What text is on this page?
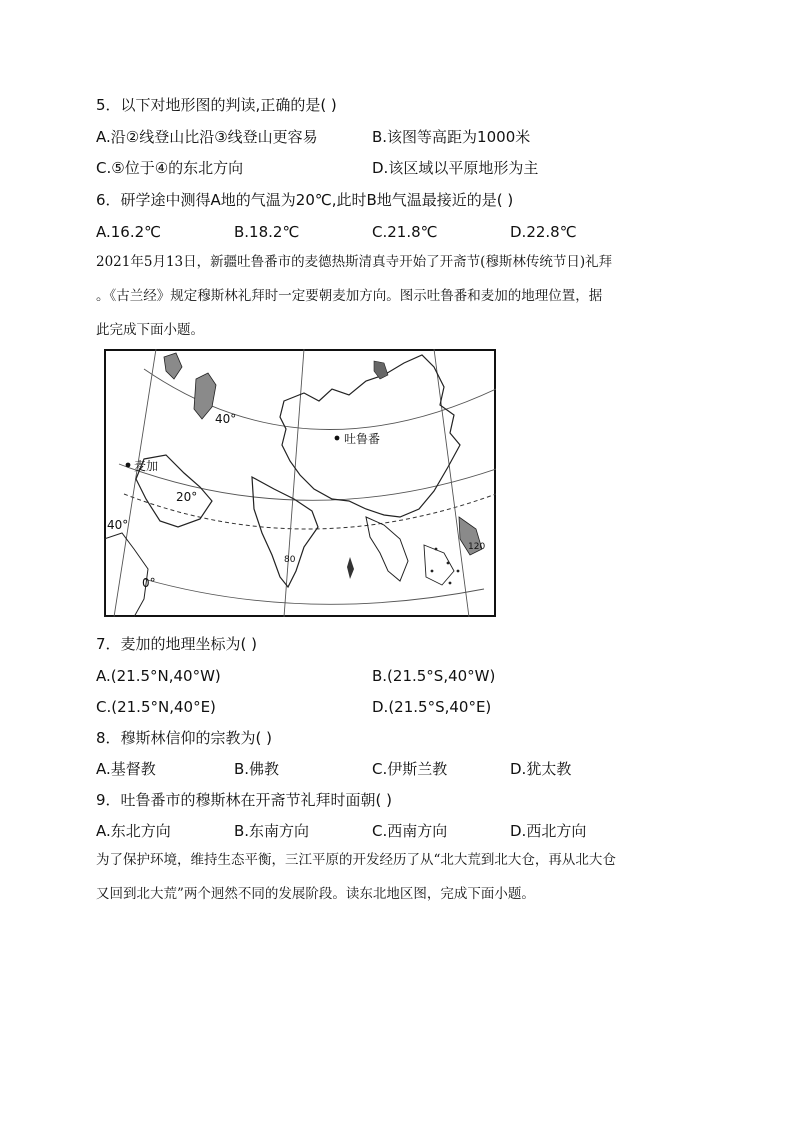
5．以下对地形图的判读,正确的是( )
A.沿②线登山比沿③线登山更容易	B.该图等高距为1000米
C.⑤位于④的东北方向	D.该区域以平原地形为主
6．研学途中测得A地的气温为20℃,此时B地气温最接近的是( )
A.16.2℃	B.18.2℃	C.21.8℃	D.22.8℃
2021年5月13日，新疆吐鲁番市的麦德热斯清真寺开始了开斋节(穆斯林传统节日)礼拜
。《古兰经》规定穆斯林礼拜时一定要朝麦加方向。图示吐鲁番和麦加的地理位置，据
此完成下面小题。
40°
吐鲁番
麦加
20°
40°
80
120
0°
7．麦加的地理坐标为( )
A.(21.5°N,40°W)	B.(21.5°S,40°W)
C.(21.5°N,40°E)	D.(21.5°S,40°E)
8．穆斯林信仰的宗教为( )
A.基督教	B.佛教	C.伊斯兰教	D.犹太教
9．吐鲁番市的穆斯林在开斋节礼拜时面朝( )
A.东北方向	B.东南方向	C.西南方向	D.西北方向
为了保护环境，维持生态平衡，三江平原的开发经历了从“北大荒到北大仓，再从北大仓
又回到北大荒”两个迥然不同的发展阶段。读东北地区图，完成下面小题。
